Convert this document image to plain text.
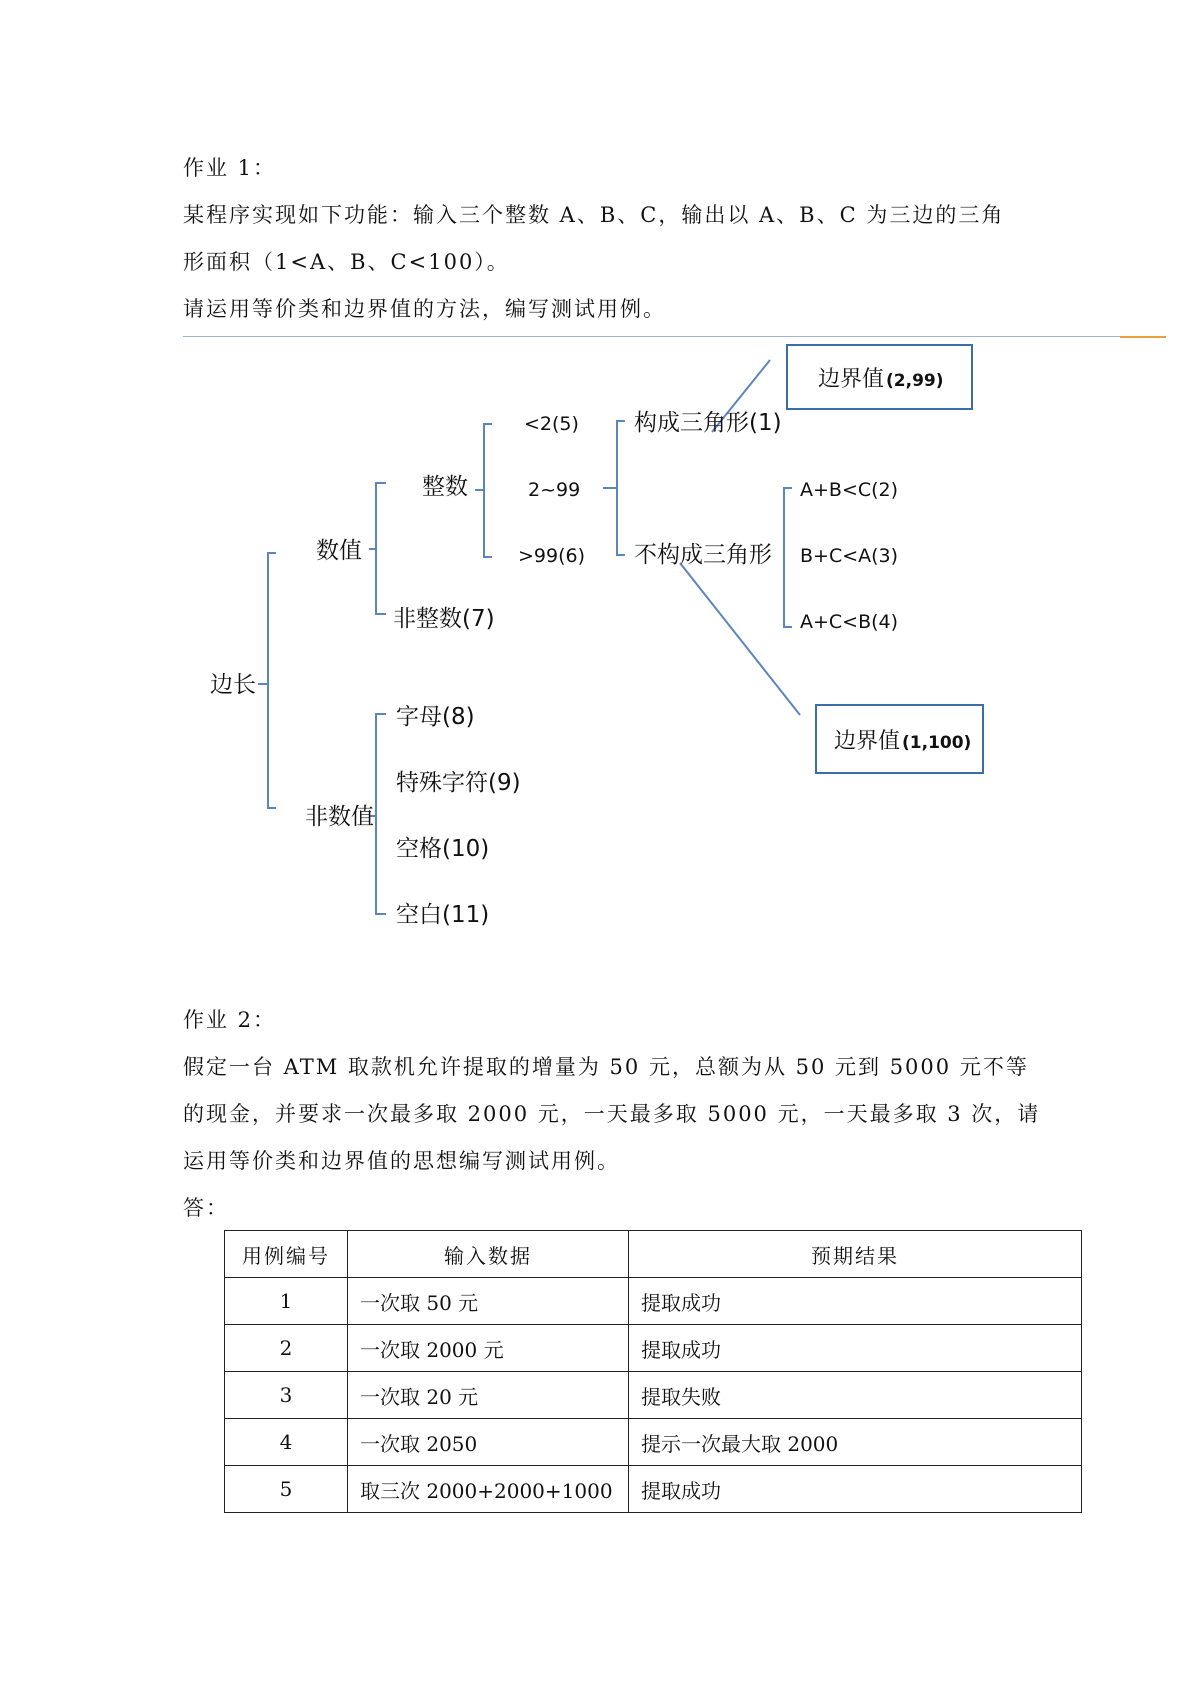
作业 1：
某程序实现如下功能：输入三个整数 A、B、C，输出以 A、B、C 为三边的三角
形面积（1<A、B、C<100）。
请运用等价类和边界值的方法，编写测试用例。
边长
数值
整数
<2(5)
2~99
>99(6)
非整数(7)
构成三角形(1)
不构成三角形
A+B<C(2)
B+C<A(3)
A+C<B(4)
边界值 (2,99)
边界值 (1,100)
非数值
字母(8)
特殊字符(9)
空格(10)
空白(11)
作业 2：
假定一台 ATM 取款机允许提取的增量为 50 元，总额为从 50 元到 5000 元不等
的现金，并要求一次最多取 2000 元，一天最多取 5000 元，一天最多取 3 次，请
运用等价类和边界值的思想编写测试用例。
答：
用例编号	输入数据	预期结果
1	一次取 50 元	提取成功
2	一次取 2000 元	提取成功
3	一次取 20 元	提取失败
4	一次取 2050	提示一次最大取 2000
5	取三次 2000+2000+1000	提取成功
